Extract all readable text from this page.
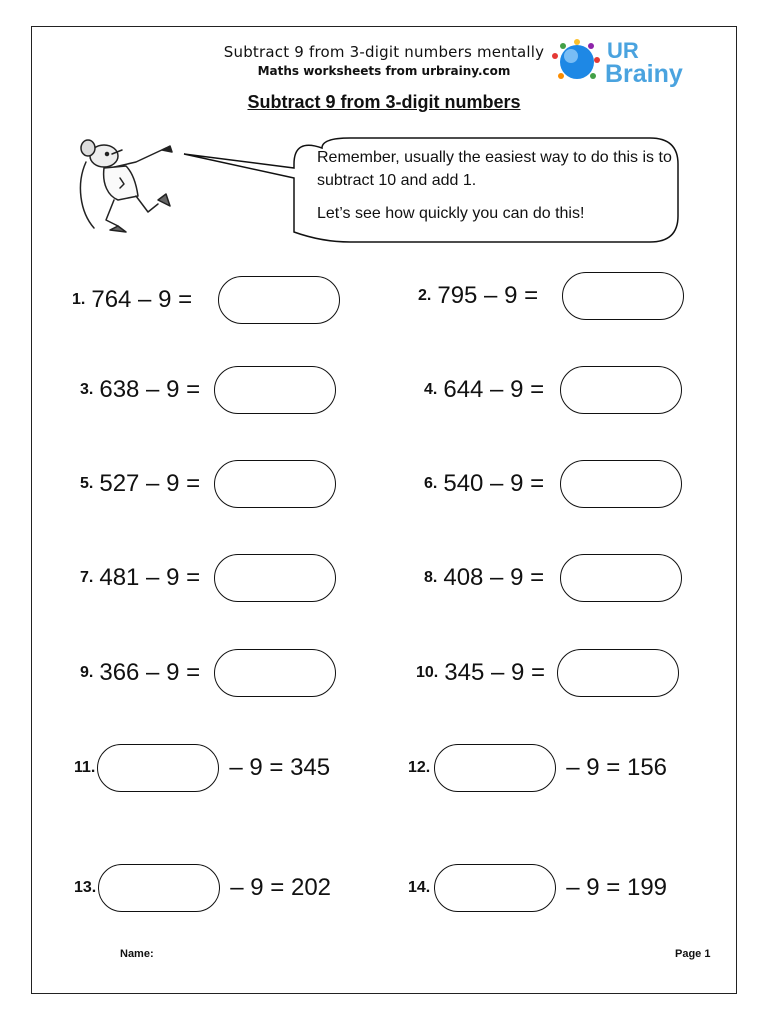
Subtract 9 from 3-digit numbers mentally
Maths worksheets from urbrainy.com
UR
Brainy
Subtract 9 from 3-digit numbers

Remember, usually the easiest way to do this is to subtract 10 and add 1.

Let’s see how quickly you can do this!

1. 764 – 9 =	2. 795 – 9 =
3. 638 – 9 =	4. 644 – 9 =
5. 527 – 9 =	6. 540 – 9 =
7. 481 – 9 =	8. 408 – 9 =
9. 366 – 9 =	10. 345 – 9 =
11.	– 9 = 345	12.	– 9 = 156
13.	– 9 = 202	14.	– 9 = 199
Name:	Page 1
